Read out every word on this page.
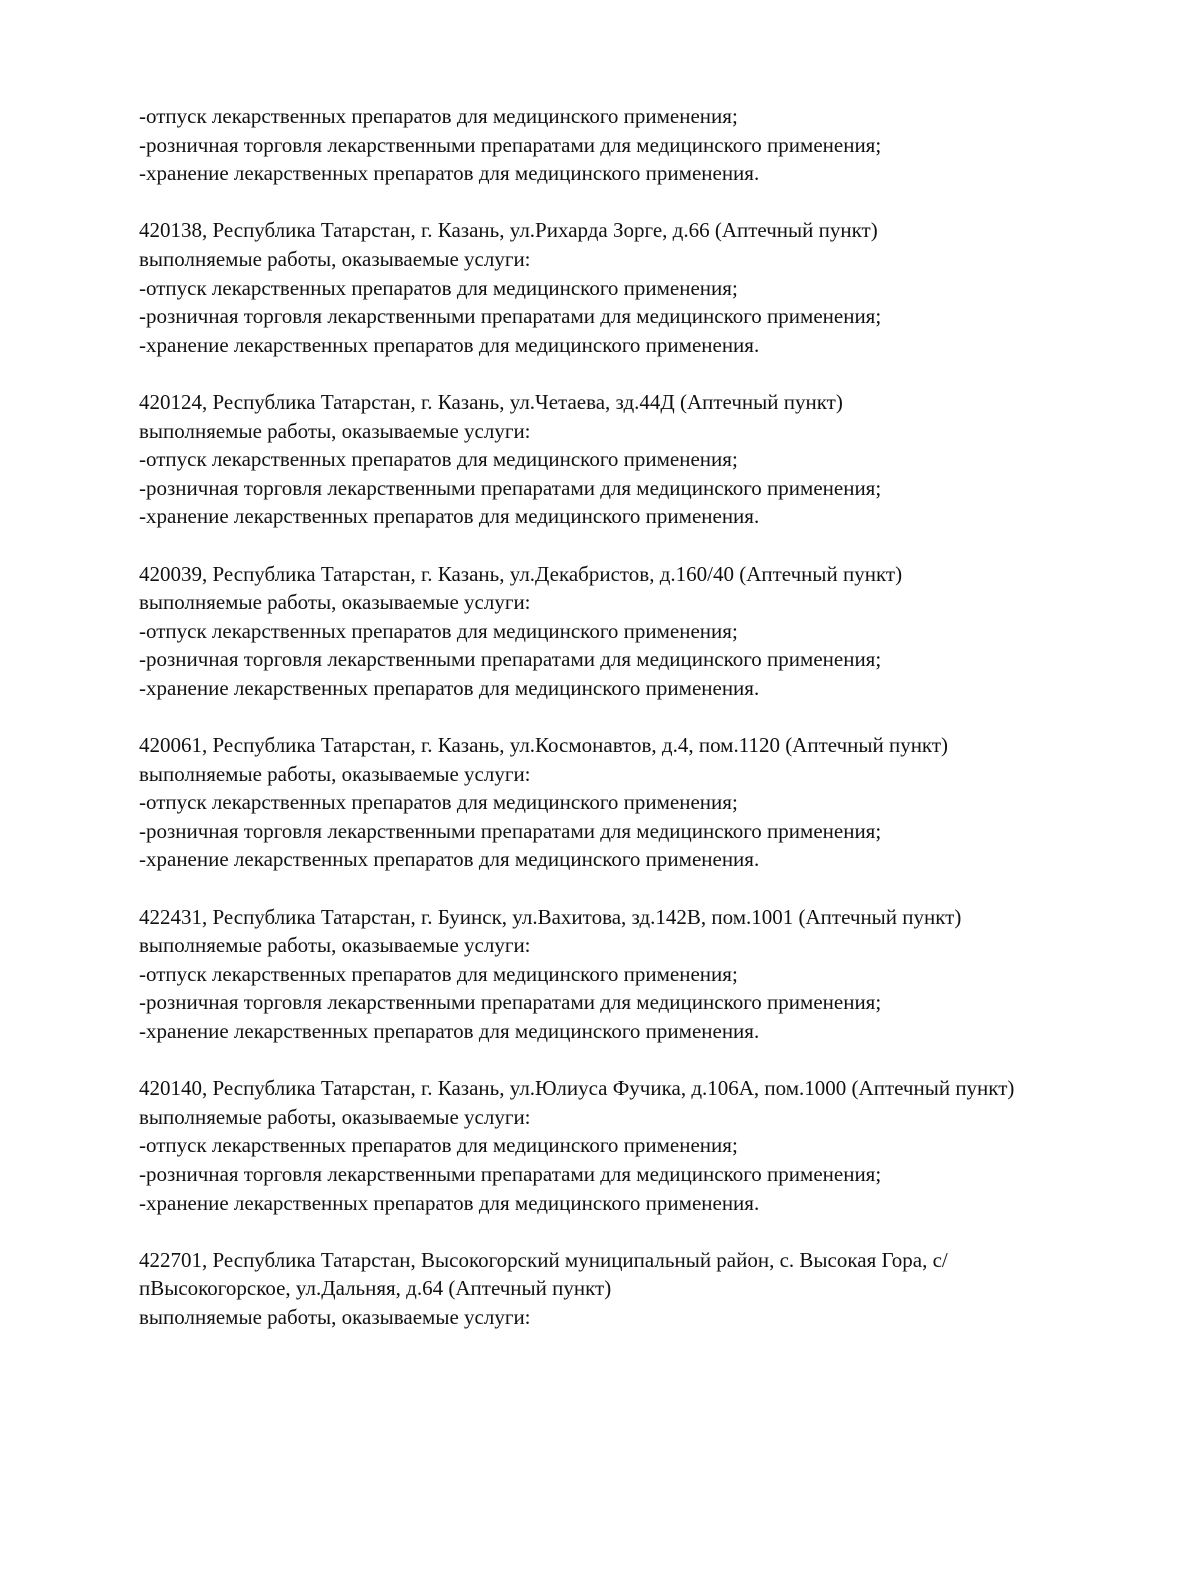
-отпуск лекарственных препаратов для медицинского применения;
-розничная торговля лекарственными препаратами для медицинского применения;
-хранение лекарственных препаратов для медицинского применения.
420138, Республика Татарстан, г. Казань, ул.Рихарда Зорге, д.66 (Аптечный пункт)
выполняемые работы, оказываемые услуги:
-отпуск лекарственных препаратов для медицинского применения;
-розничная торговля лекарственными препаратами для медицинского применения;
-хранение лекарственных препаратов для медицинского применения.
420124, Республика Татарстан, г. Казань, ул.Четаева, зд.44Д (Аптечный пункт)
выполняемые работы, оказываемые услуги:
-отпуск лекарственных препаратов для медицинского применения;
-розничная торговля лекарственными препаратами для медицинского применения;
-хранение лекарственных препаратов для медицинского применения.
420039, Республика Татарстан, г. Казань, ул.Декабристов, д.160/40 (Аптечный пункт)
выполняемые работы, оказываемые услуги:
-отпуск лекарственных препаратов для медицинского применения;
-розничная торговля лекарственными препаратами для медицинского применения;
-хранение лекарственных препаратов для медицинского применения.
420061, Республика Татарстан, г. Казань, ул.Космонавтов, д.4, пом.1120 (Аптечный пункт)
выполняемые работы, оказываемые услуги:
-отпуск лекарственных препаратов для медицинского применения;
-розничная торговля лекарственными препаратами для медицинского применения;
-хранение лекарственных препаратов для медицинского применения.
422431, Республика Татарстан, г. Буинск, ул.Вахитова, зд.142В, пом.1001 (Аптечный пункт)
выполняемые работы, оказываемые услуги:
-отпуск лекарственных препаратов для медицинского применения;
-розничная торговля лекарственными препаратами для медицинского применения;
-хранение лекарственных препаратов для медицинского применения.
420140, Республика Татарстан, г. Казань, ул.Юлиуса Фучика, д.106А, пом.1000 (Аптечный пункт)
выполняемые работы, оказываемые услуги:
-отпуск лекарственных препаратов для медицинского применения;
-розничная торговля лекарственными препаратами для медицинского применения;
-хранение лекарственных препаратов для медицинского применения.
422701, Республика Татарстан, Высокогорский муниципальный район, с. Высокая Гора, с/пВысокогорское, ул.Дальняя, д.64 (Аптечный пункт)
выполняемые работы, оказываемые услуги:
